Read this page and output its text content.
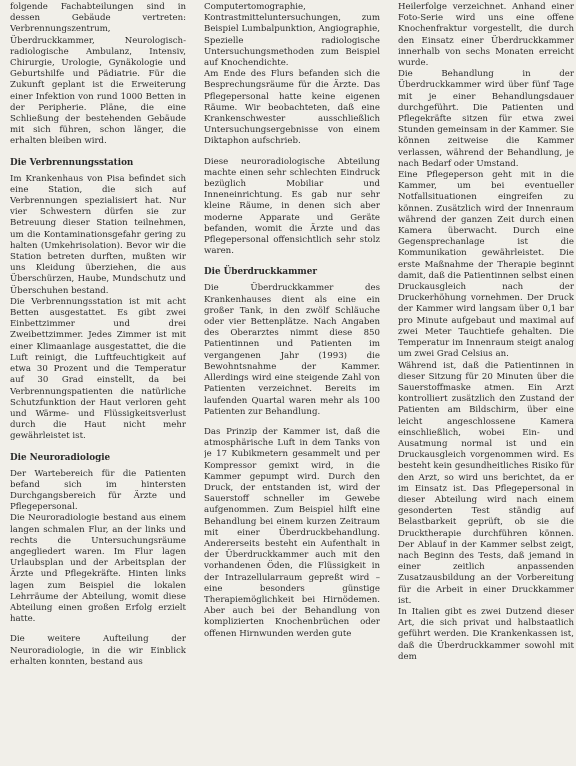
folgende Fachabteilungen sind in dessen Gebäude vertreten: Verbrennungszentrum, Überdruckkammer, Neurologisch-radiologische Ambulanz, Intensiv, Chirurgie, Urologie, Gynäkologie und Geburtshilfe und Pädiatrie. Für die Zukunft geplant ist die Erweiterung einer Infektion von rund 1000 Betten in der Peripherie. Pläne, die eine Schließung der bestehenden Gebäude mit sich führen, schon länger, die erhalten bleiben wird.

Die Verbrennungsstation

Im Krankenhaus von Pisa befindet sich eine Station, die sich auf Verbrennungen spezialisiert hat. Nur vier Schwestern dürfen sie zur Betreuung dieser Station teilnehmen, um die Kontaminationsgefahr gering zu halten (Umkehrisolation). Bevor wir die Station betreten durften, mußten wir uns Kleidung überziehen, die aus Überschürzen, Haube, Mundschutz und Überschuhen bestand.

Die Verbrennungsstation ist mit acht Betten ausgestattet. Es gibt zwei Einbettzimmer und drei Zweibettzimmer. Jedes Zimmer ist mit einer Klimaanlage ausgestattet, die die Luft reinigt, die Luftfeuchtigkeit auf etwa 30 Prozent und die Temperatur auf 30 Grad einstellt, da bei Verbrennungspatienten die natürliche Schutzfunktion der Haut verloren geht und Wärme- und Flüssigkeitsverlust durch die Haut nicht mehr gewährleistet ist.

Die Neuroradiologie

Der Wartebereich für die Patienten befand sich im hintersten Durchgangsbereich für Ärzte und Pflegepersonal.

Die Neuroradiologie bestand aus einem langen schmalen Flur, an der links und rechts die Untersuchungsräume angegliedert waren. Im Flur lagen Urlaubsplan und der Arbeitsplan der Ärzte und Pflegekräfte. Hinten links lagen zum Beispiel die lokalen Lehrräume der Abteilung, womit diese Abteilung einen großen Erfolg erzielt hatte.

Die weitere Aufteilung der Neuroradiologie, in die wir Einblick erhalten konnten, bestand aus

Computertomographie, Kontrastmitteluntersuchungen, zum Beispiel Lumbalpunktion, Angiographie, Spezielle radiologische Untersuchungsmethoden zum Beispiel auf Knochendichte.

Am Ende des Flurs befanden sich die Besprechungsräume für die Ärzte. Das Pflegepersonal hatte keine eigenen Räume. Wir beobachteten, daß eine Krankenschwester ausschließlich Untersuchungsergebnisse von einem Diktaphon aufschrieb.

Diese neuroradiologische Abteilung machte einen sehr schlechten Eindruck bezüglich Mobiliar und Inneneinrichtung. Es gab nur sehr kleine Räume, in denen sich aber moderne Apparate und Geräte befanden, womit die Ärzte und das Pflegepersonal offensichtlich sehr stolz waren.

Die Überdruckkammer

Die Überdruckkammer des Krankenhauses dient als eine ein großer Tank, in den zwölf Schläuche oder vier Bettenplätze. Nach Angaben des Oberarztes nimmt diese 850 Patientinnen und Patienten im vergangenen Jahr (1993) die Bewohntsnahme der Kammer. Allerdings wird eine steigende Zahl von Patienten verzeichnet. Bereits im laufenden Quartal waren mehr als 100 Patienten zur Behandlung.

Das Prinzip der Kammer ist, daß die atmosphärische Luft in dem Tanks von je 17 Kubikmetern gesammelt und per Kompressor gemixt wird, in die Kammer gepumpt wird. Durch den Druck, der entstanden ist, wird der Sauerstoff schneller im Gewebe aufgenommen. Zum Beispiel hilft eine Behandlung bei einem kurzen Zeitraum mit einer Überdruckbehandlung. Andererseits besteht ein Aufenthalt in der Überdruckkammer auch mit den vorhandenen Öden, die Flüssigkeit in der Intrazellularraum gepreßt wird – eine besonders günstige Therapiemöglichkeit bei Hirnödemen. Aber auch bei der Behandlung von komplizierten Knochenbrüchen oder offenen Hirnwunden werden gute

Heilerfolge verzeichnet. Anhand einer Foto-Serie wird uns eine offene Knochenfraktur vorgestellt, die durch den Einsatz einer Überdruckkammer innerhalb von sechs Monaten erreicht wurde.

Die Behandlung in der Überdruckkammer wird über fünf Tage mit je einer Behandlungsdauer durchgeführt. Die Patienten und Pflegekräfte sitzen für etwa zwei Stunden gemeinsam in der Kammer. Sie können zeitweise die Kammer verlassen, während der Behandlung, je nach Bedarf oder Umstand.

Eine Pflegeperson geht mit in die Kammer, um bei eventueller Notfallsituationen eingreifen zu können. Zusätzlich wird der Innenraum während der ganzen Zeit durch einen Kamera überwacht. Durch eine Gegensprechanlage ist die Kommunikation gewährleistet. Die erste Maßnahme der Therapie beginnt damit, daß die Patientinnen selbst einen Druckausgleich nach der Druckerhöhung vornehmen. Der Druck der Kammer wird langsam über 0,1 bar pro Minute aufgebaut und maximal auf zwei Meter Tauchtiefe gehalten. Die Temperatur im Innenraum steigt analog um zwei Grad Celsius an.

Während ist, daß die Patientinnen in dieser Sitzung für 20 Minuten über die Sauerstoffmaske atmen. Ein Arzt kontrolliert zusätzlich den Zustand der Patienten am Bildschirm, über eine leicht angeschlossene Kamera einschließlich, wobei Ein- und Ausatmung normal ist und ein Druckausgleich vorgenommen wird. Es besteht kein gesundheitliches Risiko für den Arzt, so wird uns berichtet, da er im Einsatz ist. Das Pflegepersonal in dieser Abteilung wird nach einem gesonderten Test ständig auf Belastbarkeit geprüft, ob sie die Drucktherapie durchführen können. Der Ablauf in der Kammer selbst zeigt, nach Beginn des Tests, daß jemand in einer zeitlich anpassenden Zusatzausbildung an der Vorbereitung für die Arbeit in einer Druckkammer ist.

In Italien gibt es zwei Dutzend dieser Art, die sich privat und halbstaatlich geführt werden. Die Krankenkassen ist, daß die Überdruckkammer sowohl mit dem
